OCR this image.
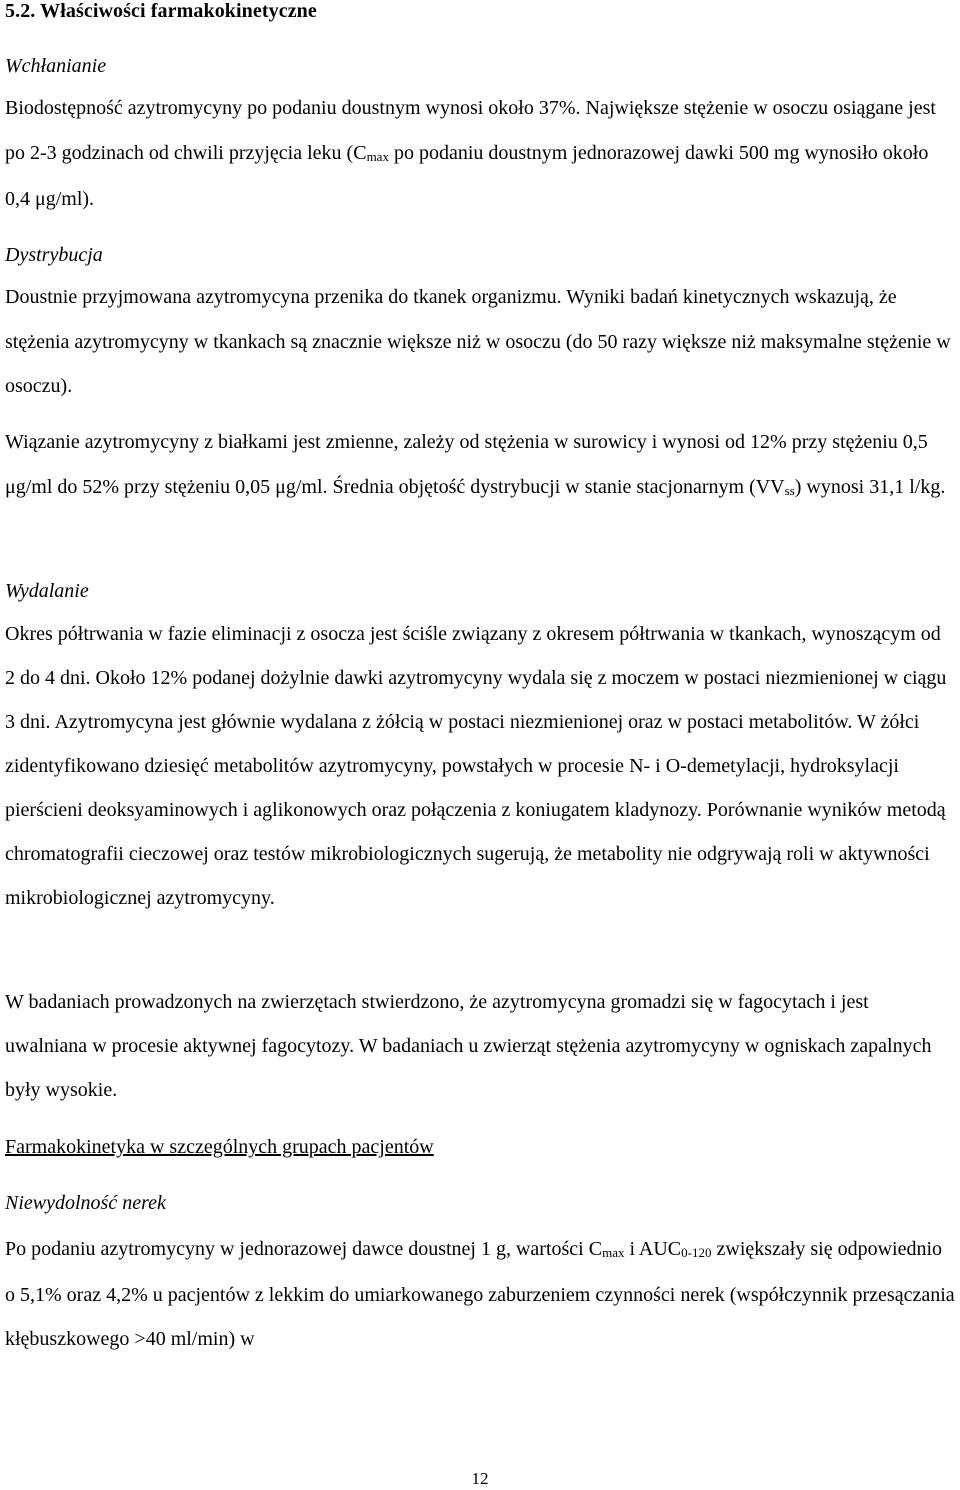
5.2. Właściwości farmakokinetyczne

Wchłanianie

Biodostępność azytromycyny po podaniu doustnym wynosi około 37%. Największe stężenie w osoczu osiągane jest po 2-3 godzinach od chwili przyjęcia leku (Cmax po podaniu doustnym jednorazowej dawki 500 mg wynosiło około 0,4 μg/ml).

Dystrybucja

Doustnie przyjmowana azytromycyna przenika do tkanek organizmu. Wyniki badań kinetycznych wskazują, że stężenia azytromycyny w tkankach są znacznie większe niż w osoczu (do 50 razy większe niż maksymalne stężenie w osoczu).

Wiązanie azytromycyny z białkami jest zmienne, zależy od stężenia w surowicy i wynosi od 12% przy stężeniu 0,5 μg/ml do 52% przy stężeniu 0,05 μg/ml. Średnia objętość dystrybucji w stanie stacjonarnym (VVss) wynosi 31,1 l/kg.

Wydalanie

Okres półtrwania w fazie eliminacji z osocza jest ściśle związany z okresem półtrwania w tkankach, wynoszącym od 2 do 4 dni. Około 12% podanej dożylnie dawki azytromycyny wydala się z moczem w postaci niezmienionej w ciągu 3 dni. Azytromycyna jest głównie wydalana z żółcią w postaci niezmienionej oraz w postaci metabolitów. W żółci zidentyfikowano dziesięć metabolitów azytromycyny, powstałych w procesie N- i O-demetylacji, hydroksylacji pierścieni deoksyaminowych i aglikonowych oraz połączenia z koniugatem kladynozy. Porównanie wyników metodą chromatografii cieczowej oraz testów mikrobiologicznych sugerują, że metabolity nie odgrywają roli w aktywności mikrobiologicznej azytromycyny.

W badaniach prowadzonych na zwierzętach stwierdzono, że azytromycyna gromadzi się w fagocytach i jest uwalniana w procesie aktywnej fagocytozy. W badaniach u zwierząt stężenia azytromycyny w ogniskach zapalnych były wysokie.

Farmakokinetyka w szczególnych grupach pacjentów

Niewydolność nerek

Po podaniu azytromycyny w jednorazowej dawce doustnej 1 g, wartości Cmax i AUC0-120 zwiększały się odpowiednio o 5,1% oraz 4,2% u pacjentów z lekkim do umiarkowanego zaburzeniem czynności nerek (współczynnik przesączania kłębuszkowego >40 ml/min) w

12
